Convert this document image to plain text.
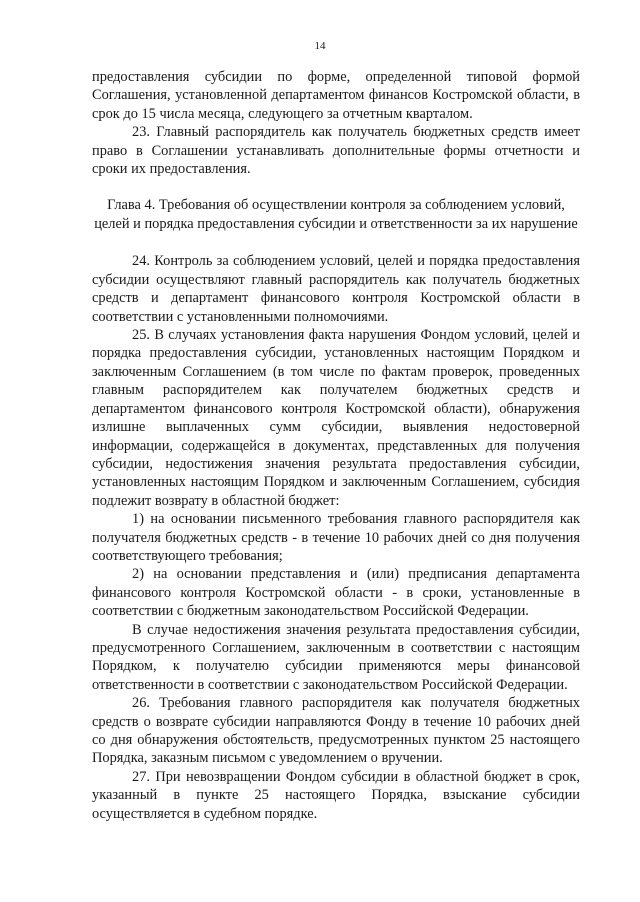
14

предоставления субсидии по форме, определенной типовой формой Соглашения, установленной департаментом финансов Костромской области, в срок до 15 числа месяца, следующего за отчетным кварталом.

23. Главный распорядитель как получатель бюджетных средств имеет право в Соглашении устанавливать дополнительные формы отчетности и сроки их предоставления.

Глава 4. Требования об осуществлении контроля за соблюдением условий, целей и порядка предоставления субсидии и ответственности за их нарушение

24. Контроль за соблюдением условий, целей и порядка предоставления субсидии осуществляют главный распорядитель как получатель бюджетных средств и департамент финансового контроля Костромской области в соответствии с установленными полномочиями.

25. В случаях установления факта нарушения Фондом условий, целей и порядка предоставления субсидии, установленных настоящим Порядком и заключенным Соглашением (в том числе по фактам проверок, проведенных главным распорядителем как получателем бюджетных средств и департаментом финансового контроля Костромской области), обнаружения излишне выплаченных сумм субсидии, выявления недостоверной информации, содержащейся в документах, представленных для получения субсидии, недостижения значения результата предоставления субсидии, установленных настоящим Порядком и заключенным Соглашением, субсидия подлежит возврату в областной бюджет:

1) на основании письменного требования главного распорядителя как получателя бюджетных средств - в течение 10 рабочих дней со дня получения соответствующего требования;

2) на основании представления и (или) предписания департамента финансового контроля Костромской области - в сроки, установленные в соответствии с бюджетным законодательством Российской Федерации.

В случае недостижения значения результата предоставления субсидии, предусмотренного Соглашением, заключенным в соответствии с настоящим Порядком, к получателю субсидии применяются меры финансовой ответственности в соответствии с законодательством Российской Федерации.

26. Требования главного распорядителя как получателя бюджетных средств о возврате субсидии направляются Фонду в течение 10 рабочих дней со дня обнаружения обстоятельств, предусмотренных пунктом 25 настоящего Порядка, заказным письмом с уведомлением о вручении.

27. При невозвращении Фондом субсидии в областной бюджет в срок, указанный в пункте 25 настоящего Порядка, взыскание субсидии осуществляется в судебном порядке.
